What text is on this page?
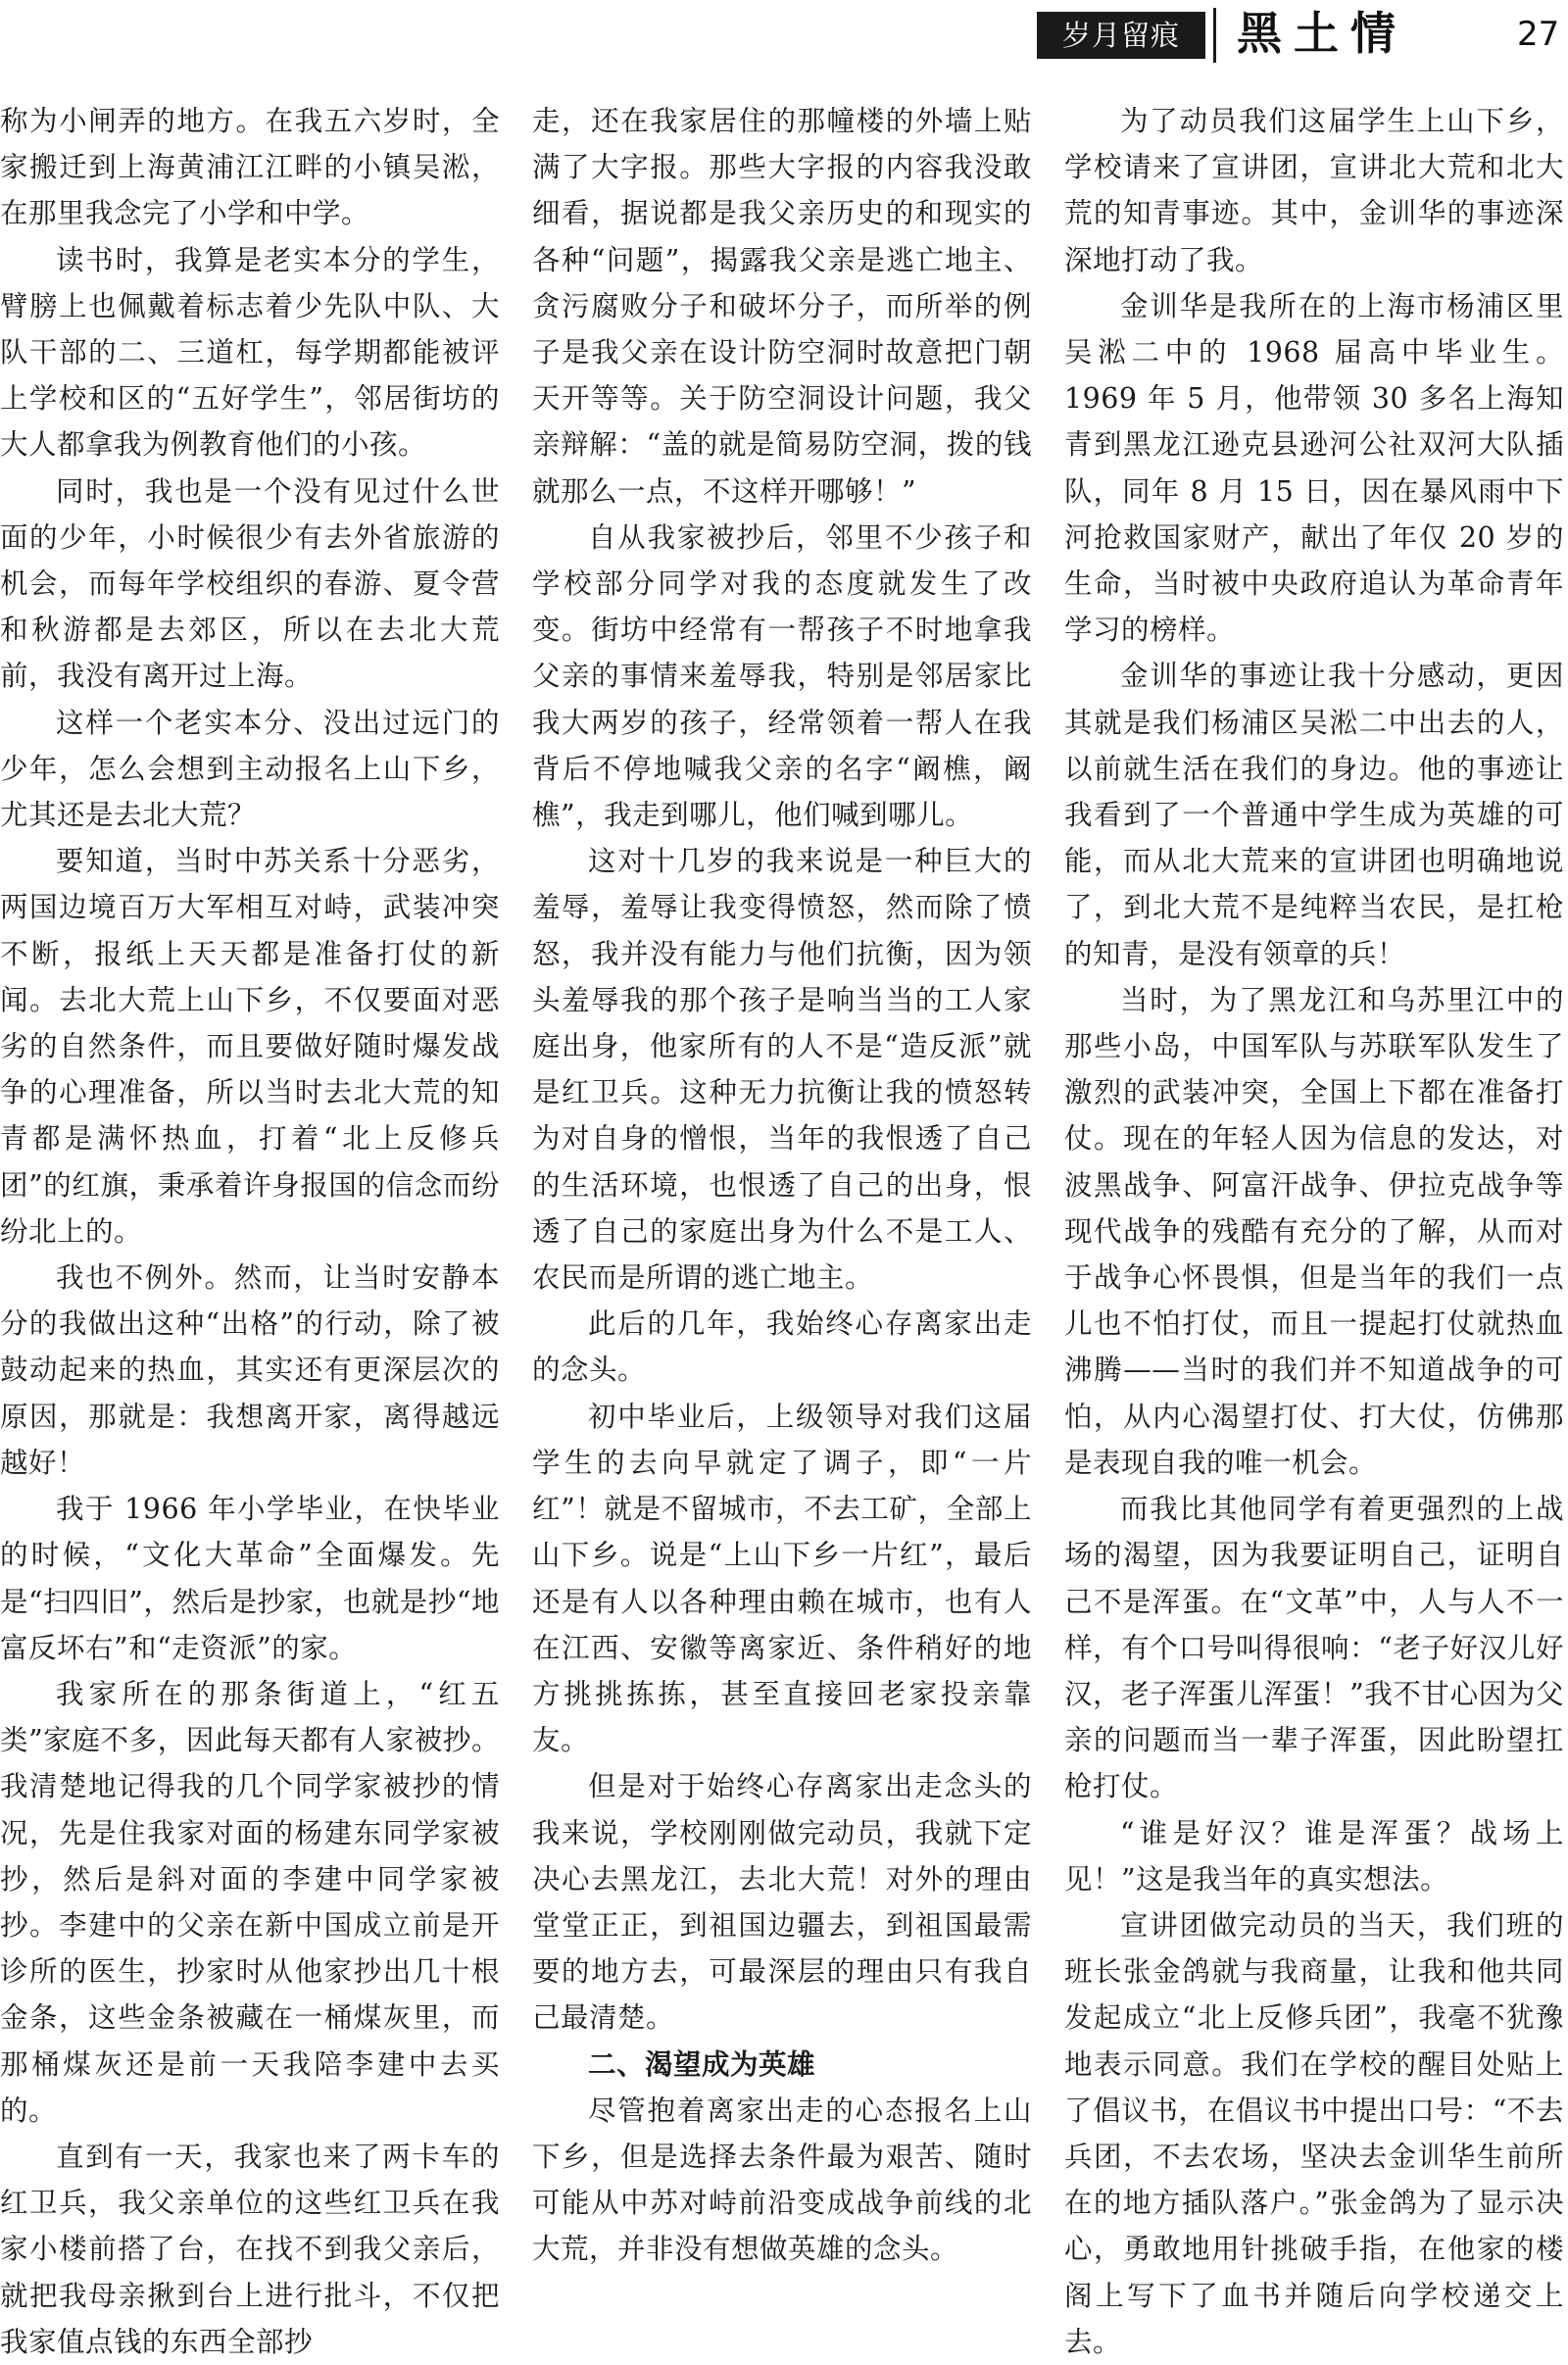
岁月留痕	黑土情	27

称为小闸弄的地方。在我五六岁时，全家搬迁到上海黄浦江江畔的小镇吴淞，在那里我念完了小学和中学。

读书时，我算是老实本分的学生，臂膀上也佩戴着标志着少先队中队、大队干部的二、三道杠，每学期都能被评上学校和区的“五好学生”，邻居街坊的大人都拿我为例教育他们的小孩。

同时，我也是一个没有见过什么世面的少年，小时候很少有去外省旅游的机会，而每年学校组织的春游、夏令营和秋游都是去郊区，所以在去北大荒前，我没有离开过上海。

这样一个老实本分、没出过远门的少年，怎么会想到主动报名上山下乡，尤其还是去北大荒？

要知道，当时中苏关系十分恶劣，两国边境百万大军相互对峙，武装冲突不断，报纸上天天都是准备打仗的新闻。去北大荒上山下乡，不仅要面对恶劣的自然条件，而且要做好随时爆发战争的心理准备，所以当时去北大荒的知青都是满怀热血，打着“北上反修兵团”的红旗，秉承着许身报国的信念而纷纷北上的。

我也不例外。然而，让当时安静本分的我做出这种“出格”的行动，除了被鼓动起来的热血，其实还有更深层次的原因，那就是：我想离开家，离得越远越好！

我于 1966 年小学毕业，在快毕业的时候，“文化大革命”全面爆发。先是“扫四旧”，然后是抄家，也就是抄“地富反坏右”和“走资派”的家。

我家所在的那条街道上，“红五类”家庭不多，因此每天都有人家被抄。我清楚地记得我的几个同学家被抄的情况，先是住我家对面的杨建东同学家被抄，然后是斜对面的李建中同学家被抄。李建中的父亲在新中国成立前是开诊所的医生，抄家时从他家抄出几十根金条，这些金条被藏在一桶煤灰里，而那桶煤灰还是前一天我陪李建中去买的。

直到有一天，我家也来了两卡车的红卫兵，我父亲单位的这些红卫兵在我家小楼前搭了台，在找不到我父亲后，就把我母亲揪到台上进行批斗，不仅把我家值点钱的东西全部抄

走，还在我家居住的那幢楼的外墙上贴满了大字报。那些大字报的内容我没敢细看，据说都是我父亲历史的和现实的各种“问题”，揭露我父亲是逃亡地主、贪污腐败分子和破坏分子，而所举的例子是我父亲在设计防空洞时故意把门朝天开等等。关于防空洞设计问题，我父亲辩解：“盖的就是简易防空洞，拨的钱就那么一点，不这样开哪够！”

自从我家被抄后，邻里不少孩子和学校部分同学对我的态度就发生了改变。街坊中经常有一帮孩子不时地拿我父亲的事情来羞辱我，特别是邻居家比我大两岁的孩子，经常领着一帮人在我背后不停地喊我父亲的名字“阚樵，阚樵”，我走到哪儿，他们喊到哪儿。

这对十几岁的我来说是一种巨大的羞辱，羞辱让我变得愤怒，然而除了愤怒，我并没有能力与他们抗衡，因为领头羞辱我的那个孩子是响当当的工人家庭出身，他家所有的人不是“造反派”就是红卫兵。这种无力抗衡让我的愤怒转为对自身的憎恨，当年的我恨透了自己的生活环境，也恨透了自己的出身，恨透了自己的家庭出身为什么不是工人、农民而是所谓的逃亡地主。

此后的几年，我始终心存离家出走的念头。

初中毕业后，上级领导对我们这届学生的去向早就定了调子，即“一片红”！就是不留城市，不去工矿，全部上山下乡。说是“上山下乡一片红”，最后还是有人以各种理由赖在城市，也有人在江西、安徽等离家近、条件稍好的地方挑挑拣拣，甚至直接回老家投亲靠友。

但是对于始终心存离家出走念头的我来说，学校刚刚做完动员，我就下定决心去黑龙江，去北大荒！对外的理由堂堂正正，到祖国边疆去，到祖国最需要的地方去，可最深层的理由只有我自己最清楚。

二、渴望成为英雄

尽管抱着离家出走的心态报名上山下乡，但是选择去条件最为艰苦、随时可能从中苏对峙前沿变成战争前线的北大荒，并非没有想做英雄的念头。

为了动员我们这届学生上山下乡，学校请来了宣讲团，宣讲北大荒和北大荒的知青事迹。其中，金训华的事迹深深地打动了我。

金训华是我所在的上海市杨浦区里吴淞二中的 1968 届高中毕业生。1969 年 5 月，他带领 30 多名上海知青到黑龙江逊克县逊河公社双河大队插队，同年 8 月 15 日，因在暴风雨中下河抢救国家财产，献出了年仅 20 岁的生命，当时被中央政府追认为革命青年学习的榜样。

金训华的事迹让我十分感动，更因其就是我们杨浦区吴淞二中出去的人，以前就生活在我们的身边。他的事迹让我看到了一个普通中学生成为英雄的可能，而从北大荒来的宣讲团也明确地说了，到北大荒不是纯粹当农民，是扛枪的知青，是没有领章的兵！

当时，为了黑龙江和乌苏里江中的那些小岛，中国军队与苏联军队发生了激烈的武装冲突，全国上下都在准备打仗。现在的年轻人因为信息的发达，对波黑战争、阿富汗战争、伊拉克战争等现代战争的残酷有充分的了解，从而对于战争心怀畏惧，但是当年的我们一点儿也不怕打仗，而且一提起打仗就热血沸腾——当时的我们并不知道战争的可怕，从内心渴望打仗、打大仗，仿佛那是表现自我的唯一机会。

而我比其他同学有着更强烈的上战场的渴望，因为我要证明自己，证明自己不是浑蛋。在“文革”中，人与人不一样，有个口号叫得很响：“老子好汉儿好汉，老子浑蛋儿浑蛋！”我不甘心因为父亲的问题而当一辈子浑蛋，因此盼望扛枪打仗。

“谁是好汉？谁是浑蛋？战场上见！”这是我当年的真实想法。

宣讲团做完动员的当天，我们班的班长张金鸽就与我商量，让我和他共同发起成立“北上反修兵团”，我毫不犹豫地表示同意。我们在学校的醒目处贴上了倡议书，在倡议书中提出口号：“不去兵团，不去农场，坚决去金训华生前所在的地方插队落户。”张金鸽为了显示决心，勇敢地用针挑破手指，在他家的楼阁上写下了血书并随后向学校递交上去。
